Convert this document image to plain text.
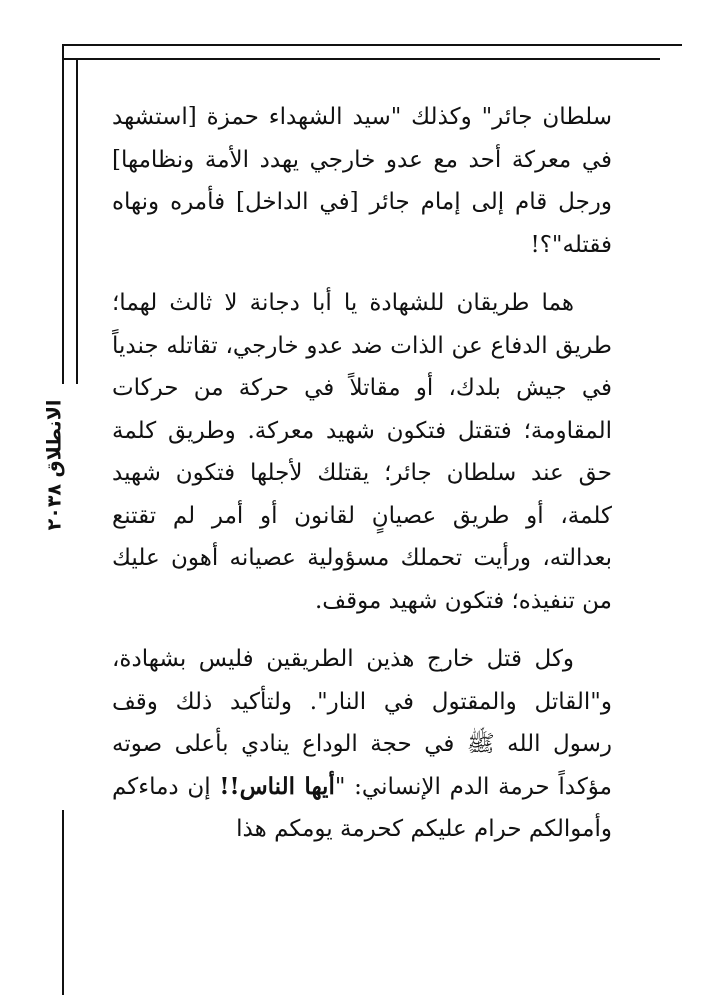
الانطلاق ٢٠٣٨

سلطان جائر" وكذلك "سيد الشهداء حمزة [استشهد في معركة أحد مع عدو خارجي يهدد الأمة ونظامها] ورجل قام إلى إمام جائر [في الداخل] فأمره ونهاه فقتله"؟!

هما طريقان للشهادة يا أبا دجانة لا ثالث لهما؛ طريق الدفاع عن الذات ضد عدو خارجي، تقاتله جندياً في جيش بلدك، أو مقاتلاً في حركة من حركات المقاومة؛ فتقتل فتكون شهيد معركة. وطريق كلمة حق عند سلطان جائر؛ يقتلك لأجلها فتكون شهيد كلمة، أو طريق عصيانٍ لقانون أو أمر لم تقتنع بعدالته، ورأيت تحملك مسؤولية عصيانه أهون عليك من تنفيذه؛ فتكون شهيد موقف.

وكل قتل خارج هذين الطريقين فليس بشهادة، و"القاتل والمقتول في النار". ولتأكيد ذلك وقف رسول الله ﷺ في حجة الوداع ينادي بأعلى صوته مؤكداً حرمة الدم الإنساني: "أيها الناس!! إن دماءكم وأموالكم حرام عليكم كحرمة يومكم هذا
